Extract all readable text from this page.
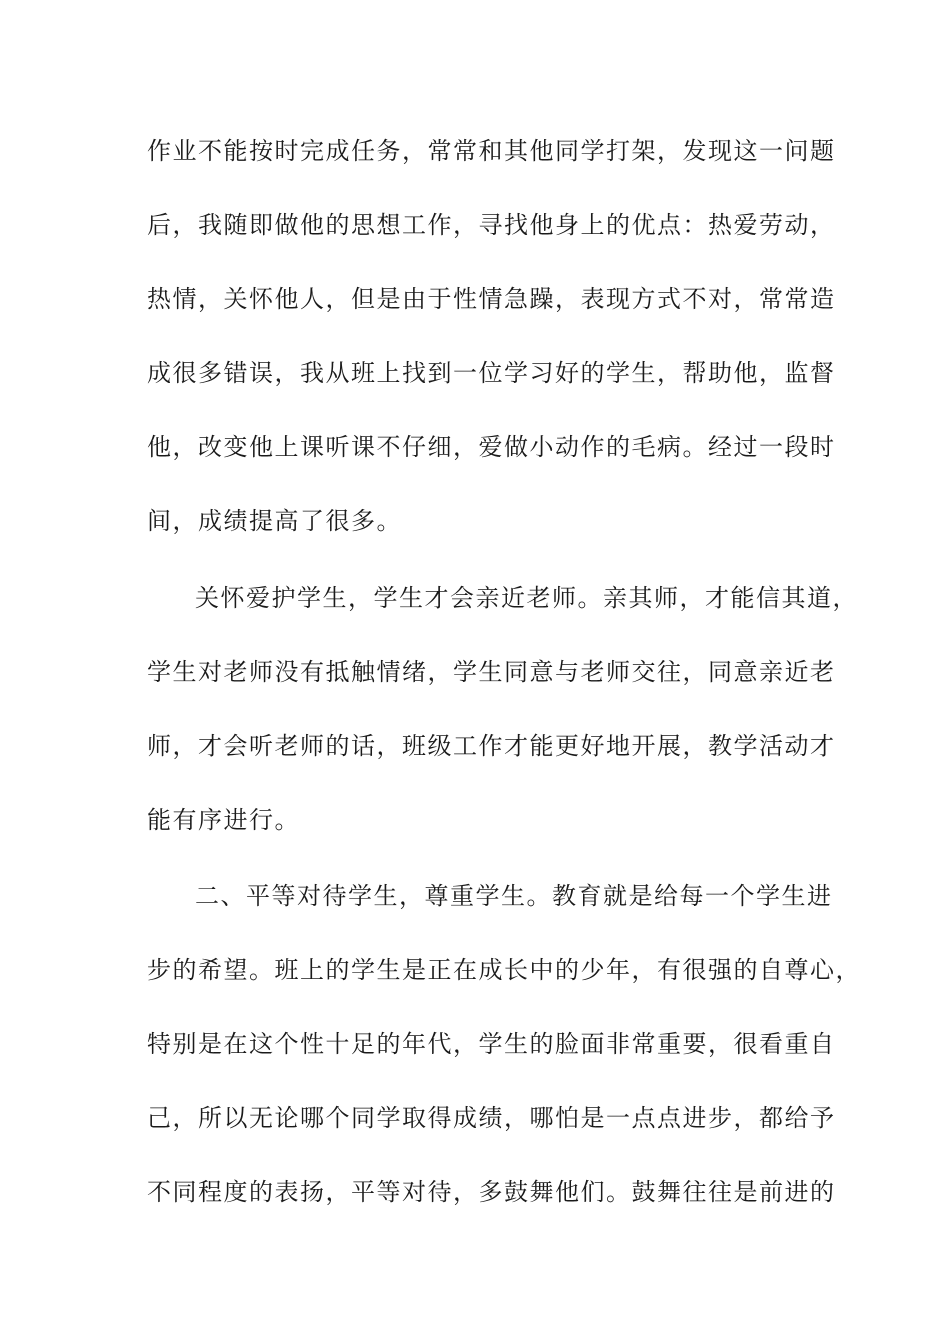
作业不能按时完成任务，常常和其他同学打架，发现这一问题
后，我随即做他的思想工作，寻找他身上的优点：热爱劳动，
热情，关怀他人，但是由于性情急躁，表现方式不对，常常造
成很多错误，我从班上找到一位学习好的学生，帮助他，监督
他，改变他上课听课不仔细，爱做小动作的毛病。经过一段时
间，成绩提高了很多。
关怀爱护学生，学生才会亲近老师。亲其师，才能信其道，
学生对老师没有抵触情绪，学生同意与老师交往，同意亲近老
师，才会听老师的话，班级工作才能更好地开展，教学活动才
能有序进行。
二、平等对待学生，尊重学生。教育就是给每一个学生进
步的希望。班上的学生是正在成长中的少年，有很强的自尊心，
特别是在这个性十足的年代，学生的脸面非常重要，很看重自
己，所以无论哪个同学取得成绩，哪怕是一点点进步，都给予
不同程度的表扬，平等对待，多鼓舞他们。鼓舞往往是前进的
